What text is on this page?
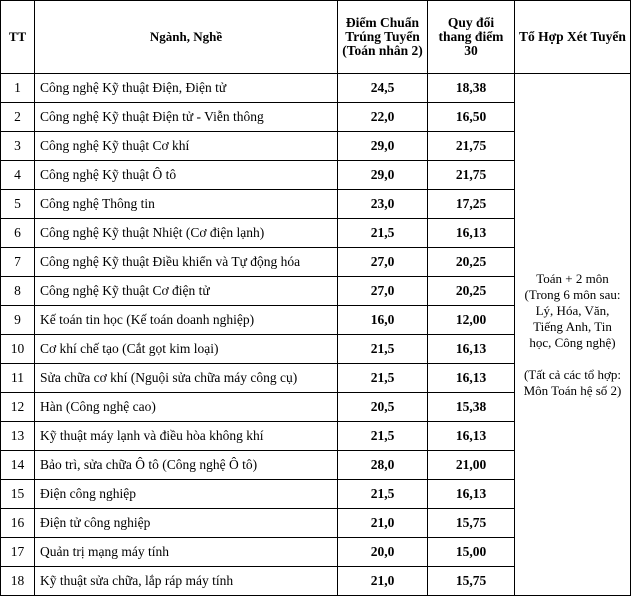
TT	Ngành, Nghề	Điểm Chuẩn Trúng Tuyển (Toán nhân 2)	Quy đổi thang điểm 30	Tổ Hợp Xét Tuyển
1	Công nghệ Kỹ thuật Điện, Điện tử	24,5	18,38	Toán + 2 môn (Trong 6 môn sau: Lý, Hóa, Văn, Tiếng Anh, Tin học, Công nghệ)

(Tất cả các tổ hợp: Môn Toán hệ số 2)
2	Công nghệ Kỹ thuật Điện tử - Viễn thông	22,0	16,50	
3	Công nghệ Kỹ thuật Cơ khí	29,0	21,75	
4	Công nghệ Kỹ thuật Ô tô	29,0	21,75	
5	Công nghệ Thông tin	23,0	17,25	
6	Công nghệ Kỹ thuật Nhiệt (Cơ điện lạnh)	21,5	16,13	
7	Công nghệ Kỹ thuật Điều khiển và Tự động hóa	27,0	20,25	
8	Công nghệ Kỹ thuật Cơ điện tử	27,0	20,25	
9	Kế toán tin học (Kế toán doanh nghiệp)	16,0	12,00	
10	Cơ khí chế tạo (Cắt gọt kim loại)	21,5	16,13	
11	Sửa chữa cơ khí (Nguội sửa chữa máy công cụ)	21,5	16,13	
12	Hàn (Công nghệ cao)	20,5	15,38	
13	Kỹ thuật máy lạnh và điều hòa không khí	21,5	16,13	
14	Bảo trì, sửa chữa Ô tô (Công nghệ Ô tô)	28,0	21,00	
15	Điện công nghiệp	21,5	16,13	
16	Điện tử công nghiệp	21,0	15,75	
17	Quản trị mạng máy tính	20,0	15,00	
18	Kỹ thuật sửa chữa, lắp ráp máy tính	21,0	15,75	
